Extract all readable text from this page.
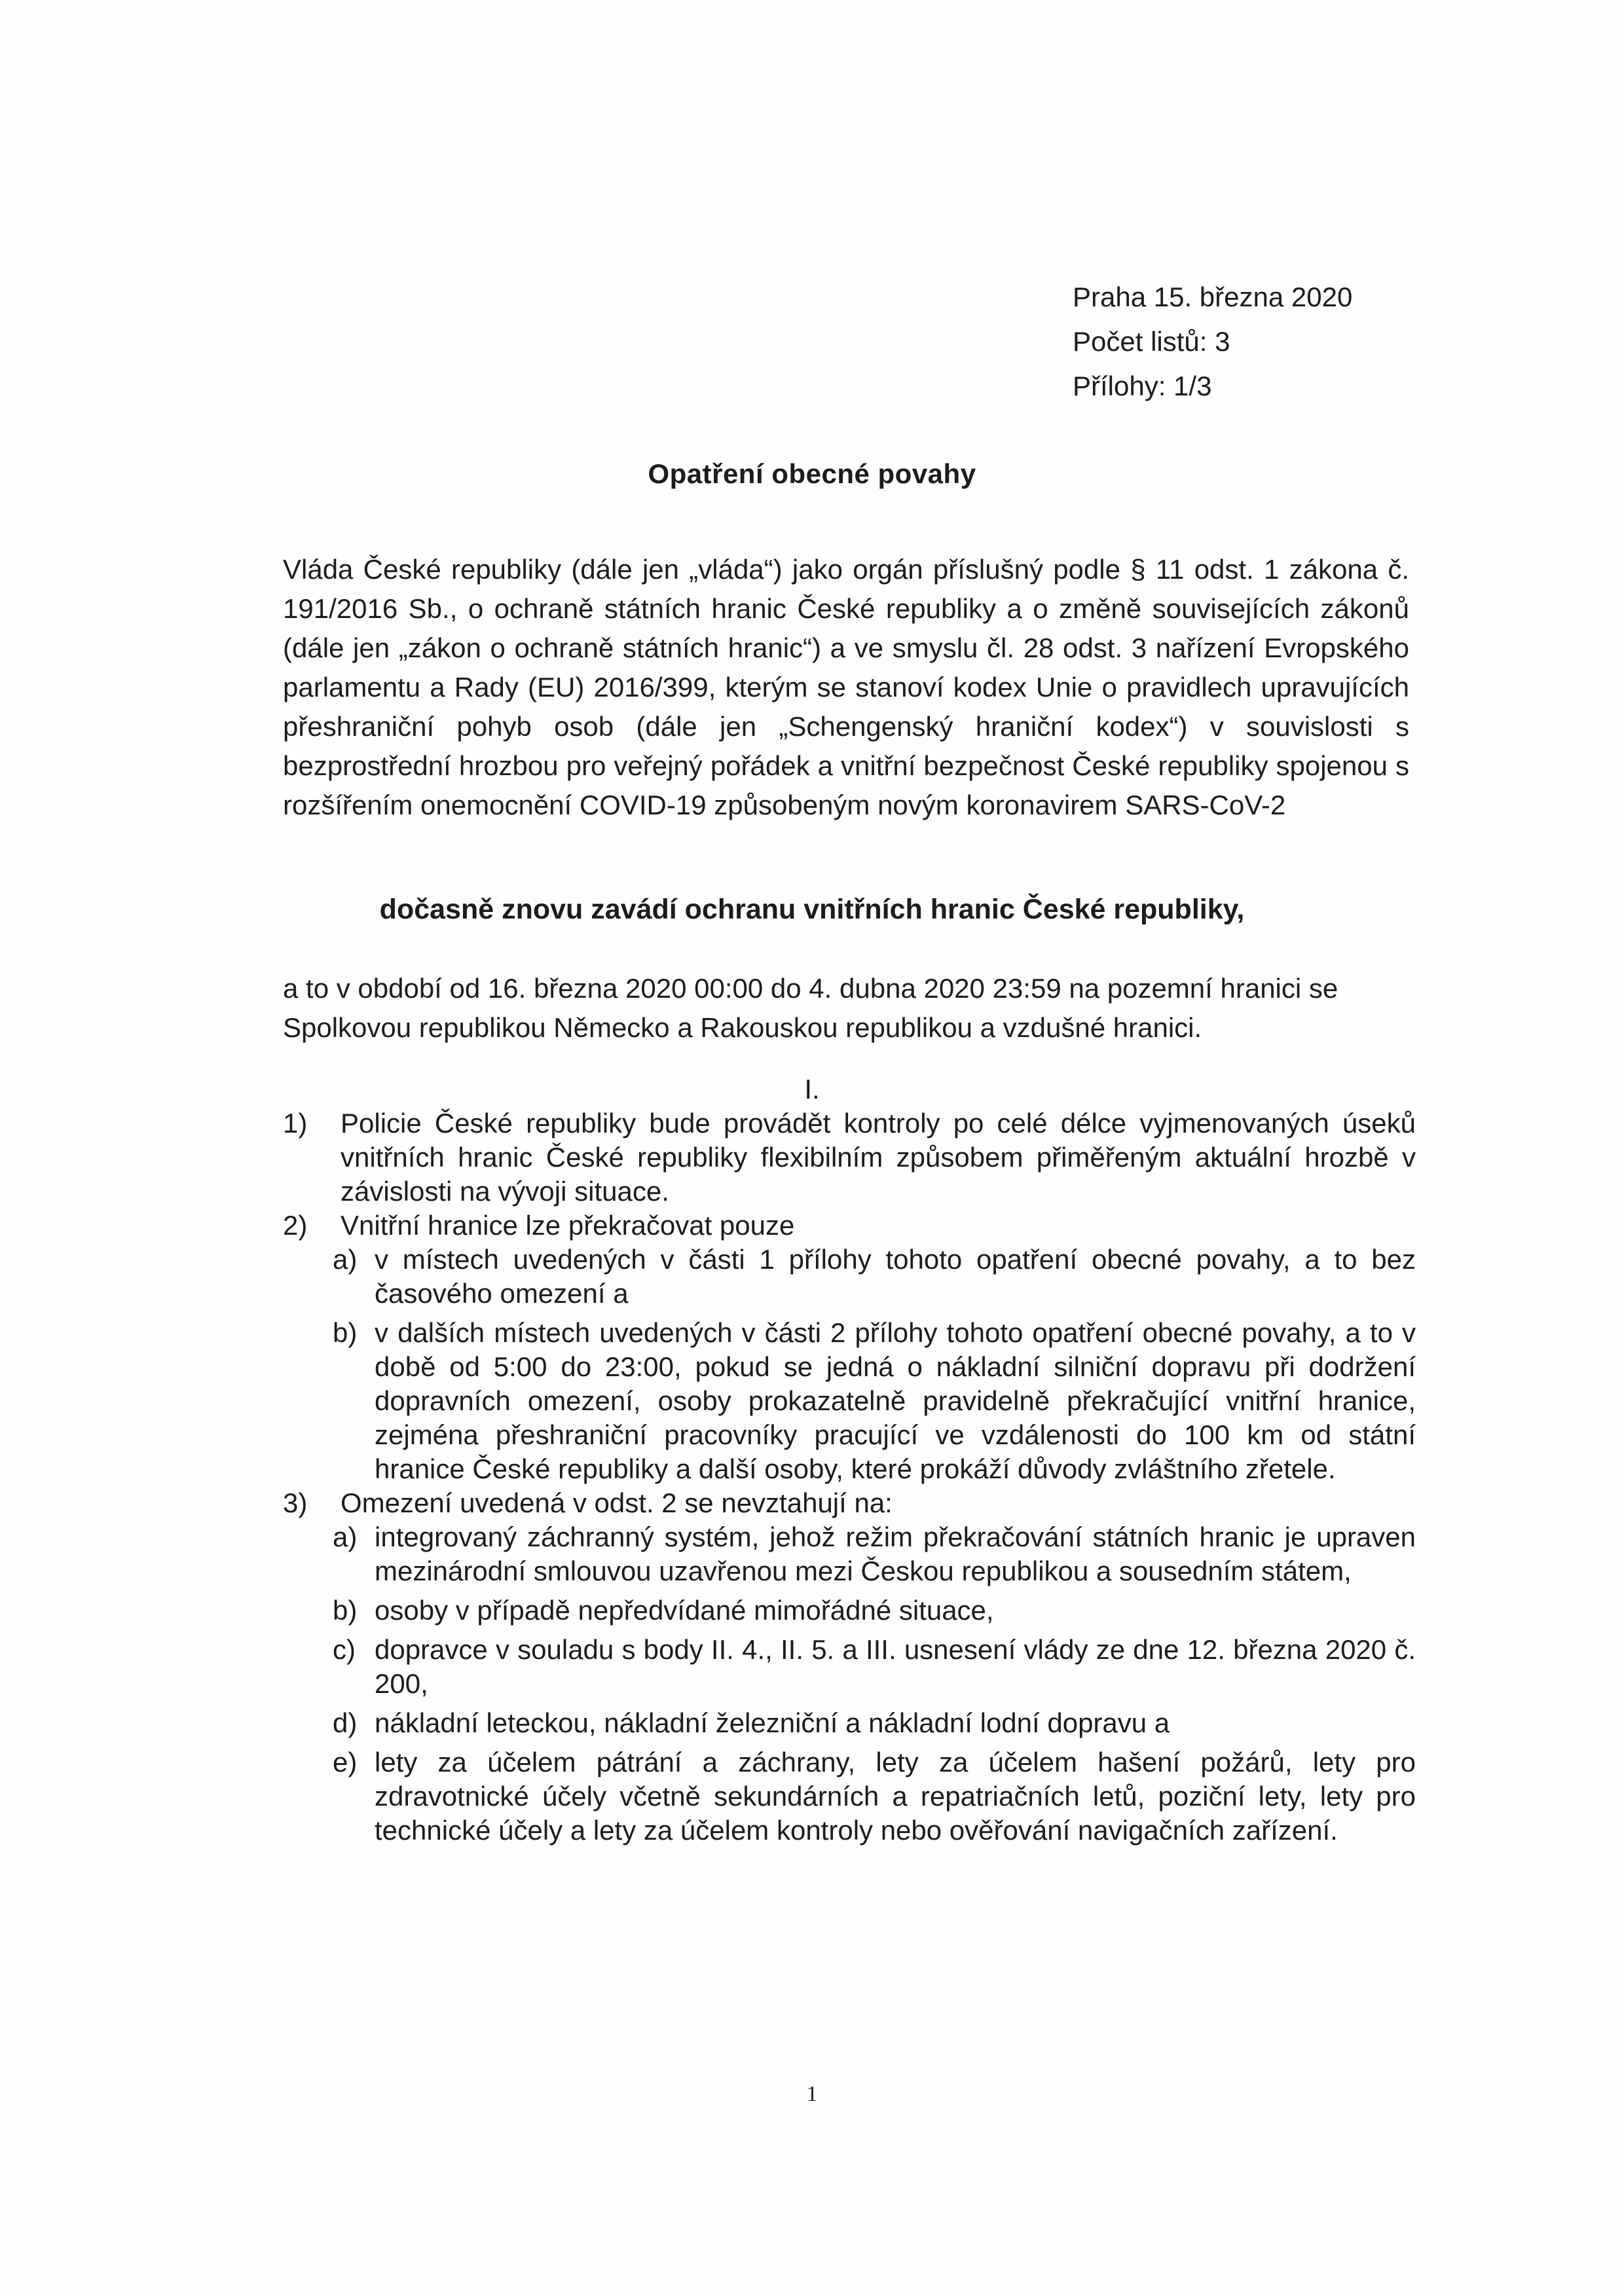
Praha 15. března 2020
Počet listů: 3
Přílohy: 1/3
Opatření obecné povahy
Vláda České republiky (dále jen „vláda“) jako orgán příslušný podle § 11 odst. 1 zákona č. 191/2016 Sb., o ochraně státních hranic České republiky a o změně souvisejících zákonů (dále jen „zákon o ochraně státních hranic“) a ve smyslu čl. 28 odst. 3 nařízení Evropského parlamentu a Rady (EU) 2016/399, kterým se stanoví kodex Unie o pravidlech upravujících přeshraniční pohyb osob (dále jen „Schengenský hraniční kodex“) v souvislosti s bezprostřední hrozbou pro veřejný pořádek a vnitřní bezpečnost České republiky spojenou s rozšířením onemocnění COVID-19 způsobeným novým koronavirem SARS-CoV-2
dočasně znovu zavádí ochranu vnitřních hranic České republiky,
a to v období od 16. března 2020 00:00 do 4. dubna 2020 23:59 na pozemní hranici se Spolkovou republikou Německo a Rakouskou republikou a vzdušné hranici.
I.
1)	Policie České republiky bude provádět kontroly po celé délce vyjmenovaných úseků vnitřních hranic České republiky flexibilním způsobem přiměřeným aktuální hrozbě v závislosti na vývoji situace.
2)	Vnitřní hranice lze překračovat pouze
a) v místech uvedených v části 1 přílohy tohoto opatření obecné povahy, a to bez časového omezení a
b) v dalších místech uvedených v části 2 přílohy tohoto opatření obecné povahy, a to v době od 5:00 do 23:00, pokud se jedná o nákladní silniční dopravu při dodržení dopravních omezení, osoby prokazatelně pravidelně překračující vnitřní hranice, zejména přeshraniční pracovníky pracující ve vzdálenosti do 100 km od státní hranice České republiky a další osoby, které prokáží důvody zvláštního zřetele.
3)	Omezení uvedená v odst. 2 se nevztahují na:
a) integrovaný záchranný systém, jehož režim překračování státních hranic je upraven mezinárodní smlouvou uzavřenou mezi Českou republikou a sousedním státem,
b) osoby v případě nepředvídané mimořádné situace,
c) dopravce v souladu s body II. 4., II. 5. a III. usnesení vlády ze dne 12. března 2020 č. 200,
d) nákladní leteckou, nákladní železniční a nákladní lodní dopravu a
e) lety za účelem pátrání a záchrany, lety za účelem hašení požárů, lety pro zdravotnické účely včetně sekundárních a repatriačních letů, poziční lety, lety pro technické účely a lety za účelem kontroly nebo ověřování navigačních zařízení.
1
